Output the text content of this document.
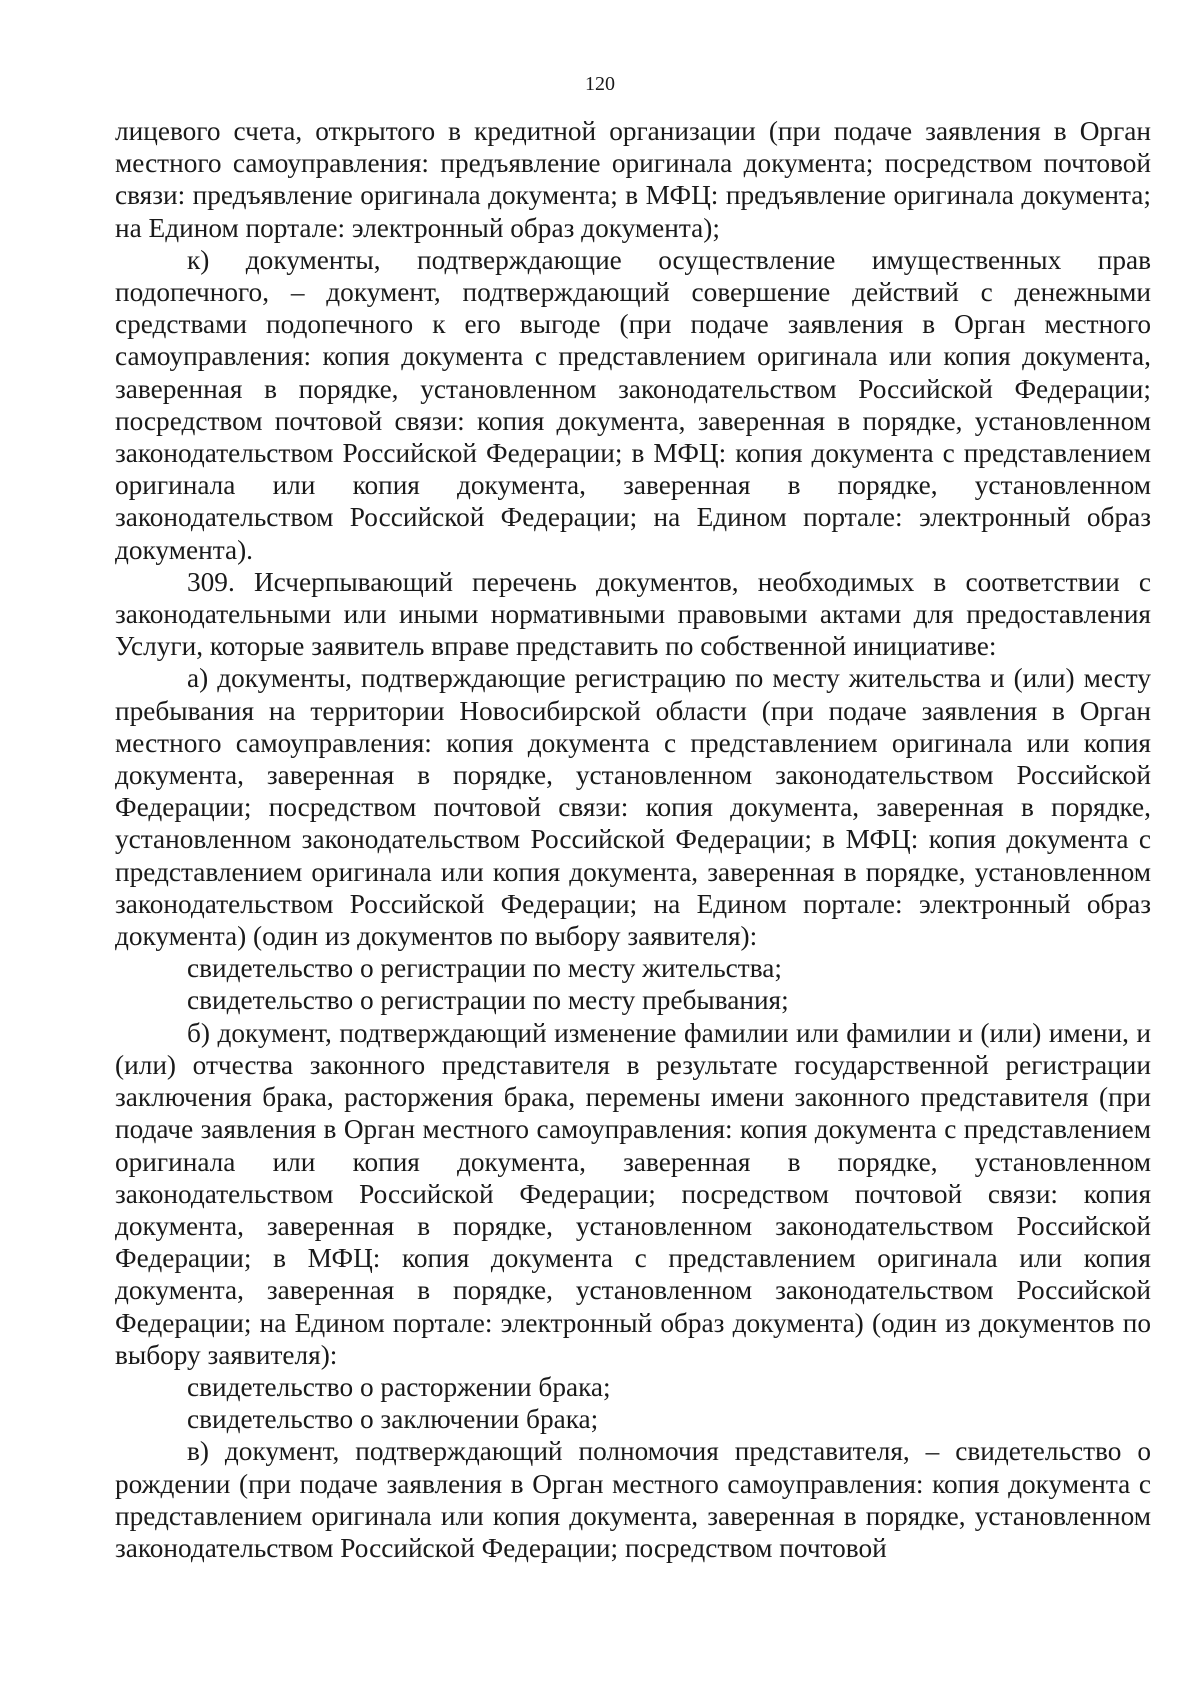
120

лицевого счета, открытого в кредитной организации (при подаче заявления в Орган местного самоуправления: предъявление оригинала документа; посредством почтовой связи: предъявление оригинала документа; в МФЦ: предъявление оригинала документа; на Едином портале: электронный образ документа);

к) документы, подтверждающие осуществление имущественных прав подопечного, – документ, подтверждающий совершение действий с денежными средствами подопечного к его выгоде (при подаче заявления в Орган местного самоуправления: копия документа с представлением оригинала или копия документа, заверенная в порядке, установленном законодательством Российской Федерации; посредством почтовой связи: копия документа, заверенная в порядке, установленном законодательством Российской Федерации; в МФЦ: копия документа с представлением оригинала или копия документа, заверенная в порядке, установленном законодательством Российской Федерации; на Едином портале: электронный образ документа).

309. Исчерпывающий перечень документов, необходимых в соответствии с законодательными или иными нормативными правовыми актами для предоставления Услуги, которые заявитель вправе представить по собственной инициативе:

а) документы, подтверждающие регистрацию по месту жительства и (или) месту пребывания на территории Новосибирской области (при подаче заявления в Орган местного самоуправления: копия документа с представлением оригинала или копия документа, заверенная в порядке, установленном законодательством Российской Федерации; посредством почтовой связи: копия документа, заверенная в порядке, установленном законодательством Российской Федерации; в МФЦ: копия документа с представлением оригинала или копия документа, заверенная в порядке, установленном законодательством Российской Федерации; на Едином портале: электронный образ документа) (один из документов по выбору заявителя):

свидетельство о регистрации по месту жительства;

свидетельство о регистрации по месту пребывания;

б) документ, подтверждающий изменение фамилии или фамилии и (или) имени, и (или) отчества законного представителя в результате государственной регистрации заключения брака, расторжения брака, перемены имени законного представителя (при подаче заявления в Орган местного самоуправления: копия документа с представлением оригинала или копия документа, заверенная в порядке, установленном законодательством Российской Федерации; посредством почтовой связи: копия документа, заверенная в порядке, установленном законодательством Российской Федерации; в МФЦ: копия документа с представлением оригинала или копия документа, заверенная в порядке, установленном законодательством Российской Федерации; на Едином портале: электронный образ документа) (один из документов по выбору заявителя):

свидетельство о расторжении брака;

свидетельство о заключении брака;

в) документ, подтверждающий полномочия представителя, – свидетельство о рождении (при подаче заявления в Орган местного самоуправления: копия документа с представлением оригинала или копия документа, заверенная в порядке, установленном законодательством Российской Федерации; посредством почтовой
